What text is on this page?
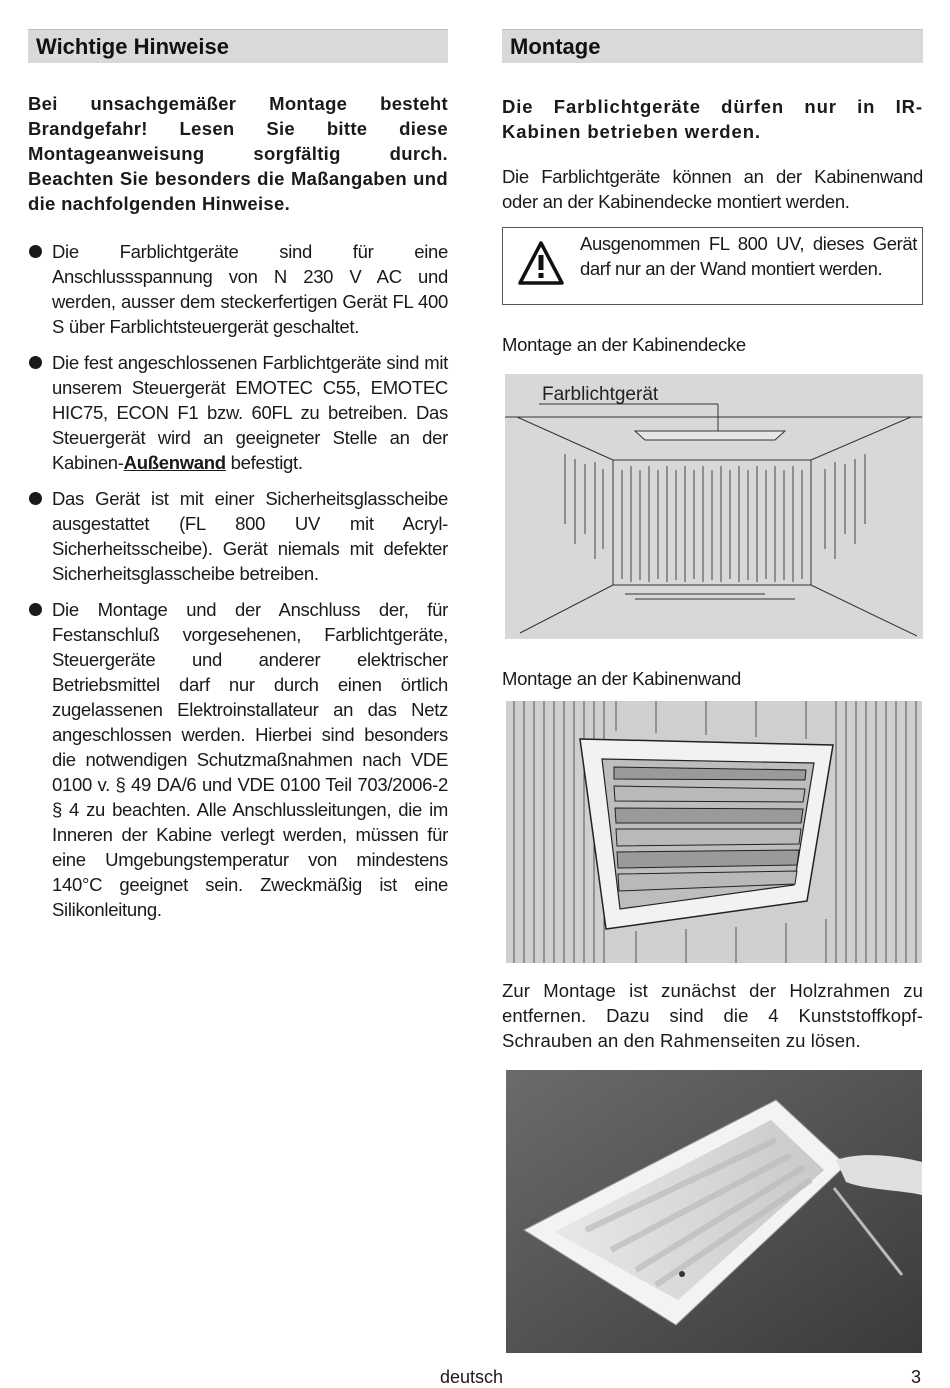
Wichtige Hinweise

Bei unsachgemäßer Montage besteht Brandgefahr! Lesen Sie bitte diese Montageanweisung sorgfältig durch. Beachten Sie besonders die Maßangaben und die nachfolgenden Hinweise.

Die Farblichtgeräte sind für eine Anschlussspannung von N 230 V AC und werden, ausser dem steckerfertigen Gerät FL 400 S über Farblichtsteuergerät geschaltet.
Die fest angeschlossenen Farblichtgeräte sind mit unserem Steuergerät EMOTEC C55, EMOTEC HIC75, ECON F1 bzw. 60FL zu betreiben. Das Steuergerät wird an geeigneter Stelle an der Kabinen-Außenwand befestigt.
Das Gerät ist mit einer Sicherheitsglasscheibe ausgestattet (FL 800 UV mit Acryl-Sicherheitsscheibe). Gerät niemals mit defekter Sicherheitsglasscheibe betreiben.
Die Montage und der Anschluss der, für Festanschluß vorgesehenen, Farblichtgeräte, Steuergeräte und anderer elektrischer Betriebsmittel darf nur durch einen örtlich zugelassenen Elektroinstallateur an das Netz angeschlossen werden. Hierbei sind besonders die notwendigen Schutzmaßnahmen nach VDE 0100 v. § 49 DA/6 und VDE 0100 Teil 703/2006-2 § 4 zu beachten. Alle Anschlussleitungen, die im Inneren der Kabine verlegt werden, müssen für eine Umgebungstemperatur von mindestens 140°C geeignet sein. Zweckmäßig ist eine Silikonleitung.
Montage

Die Farblichtgeräte dürfen nur in IR-Kabinen betrieben werden.

Die Farblichtgeräte können an der Kabinenwand oder an der Kabinendecke montiert werden.

Ausgenommen FL 800 UV, dieses Gerät darf nur an der Wand montiert werden.
Montage an der Kabinendecke
Farblichtgerät
Montage an der Kabinenwand

Zur Montage ist zunächst der Holzrahmen zu entfernen. Dazu sind die 4 Kunststoffkopf-Schrauben an den Rahmenseiten zu lösen.

deutsch	3
